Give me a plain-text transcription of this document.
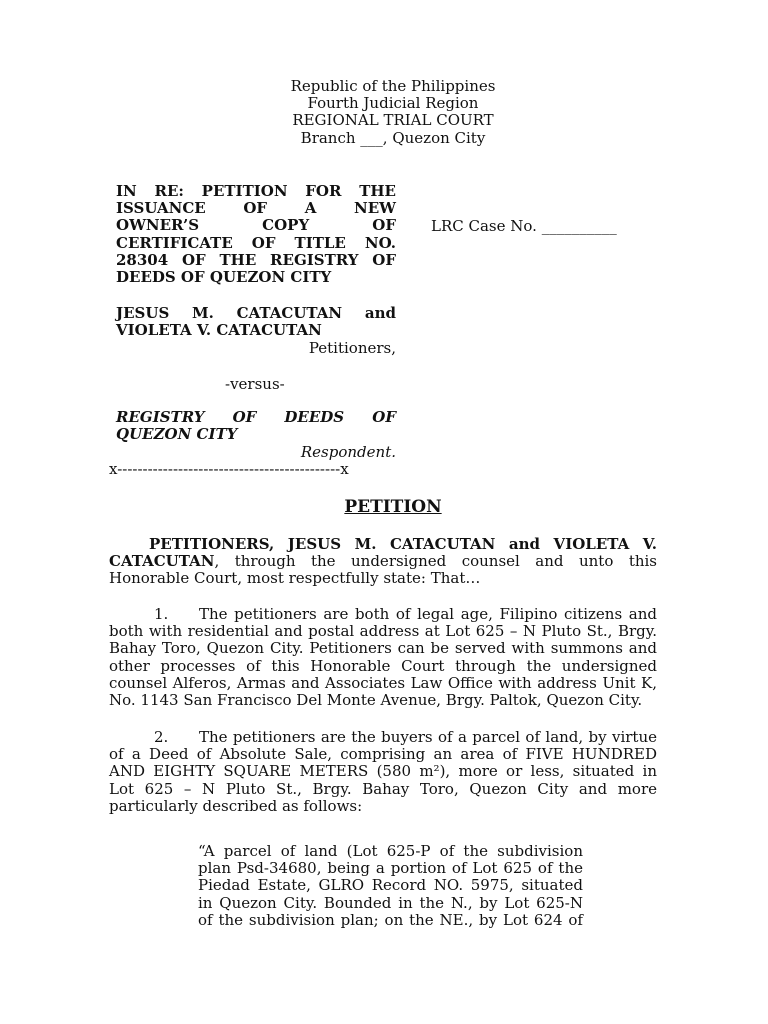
Republic of the Philippines
Fourth Judicial Region
REGIONAL TRIAL COURT
Branch ___, Quezon City
IN RE: PETITION FOR THE
ISSUANCE OF A NEW
OWNER’S COPY OF
CERTIFICATE OF TITLE NO.
28304 OF THE REGISTRY OF
DEEDS OF QUEZON CITY
LRC Case No. __________
JESUS M. CATACUTAN and
VIOLETA V. CATACUTAN
Petitioners,
-versus-
REGISTRY OF DEEDS OF
QUEZON CITY
Respondent.
x--------------------------------------------x
PETITION

PETITIONERS, JESUS M. CATACUTAN and VIOLETA V. CATACUTAN, through the undersigned counsel and unto this Honorable Court, most respectfully state: That…

1. The petitioners are both of legal age, Filipino citizens and
both with residential and postal address at Lot 625 – N Pluto St., Brgy.
Bahay Toro, Quezon City. Petitioners can be served with summons and
other processes of this Honorable Court through the undersigned
counsel Alferos, Armas and Associates Law Office with address Unit K,
No. 1143 San Francisco Del Monte Avenue, Brgy. Paltok, Quezon City.
2. The petitioners are the buyers of a parcel of land, by virtue
of a Deed of Absolute Sale, comprising an area of FIVE HUNDRED
AND EIGHTY SQUARE METERS (580 m²), more or less, situated in
Lot 625 – N Pluto St., Brgy. Bahay Toro, Quezon City and more
particularly described as follows:
“A parcel of land (Lot 625-P of the subdivision
plan Psd-34680, being a portion of Lot 625 of the
Piedad Estate, GLRO Record NO. 5975, situated
in Quezon City. Bounded in the N., by Lot 625-N
of the subdivision plan; on the NE., by Lot 624 of
